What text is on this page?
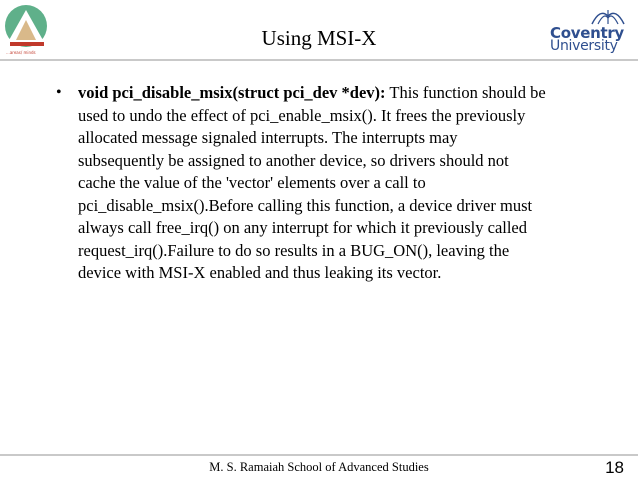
...areas/ minds
Coventry
University
Using MSI-X
• void pci_disable_msix(struct pci_dev *dev): This function should be
used to undo the effect of pci_enable_msix(). It frees the previously
allocated message signaled interrupts. The interrupts may
subsequently be assigned to another device, so drivers should not
cache the value of the 'vector' elements over a call to
pci_disable_msix().Before calling this function, a device driver must
always call free_irq() on any interrupt for which it previously called
request_irq().Failure to do so results in a BUG_ON(), leaving the
device with MSI-X enabled and thus leaking its vector.
M. S. Ramaiah School of Advanced Studies	18
